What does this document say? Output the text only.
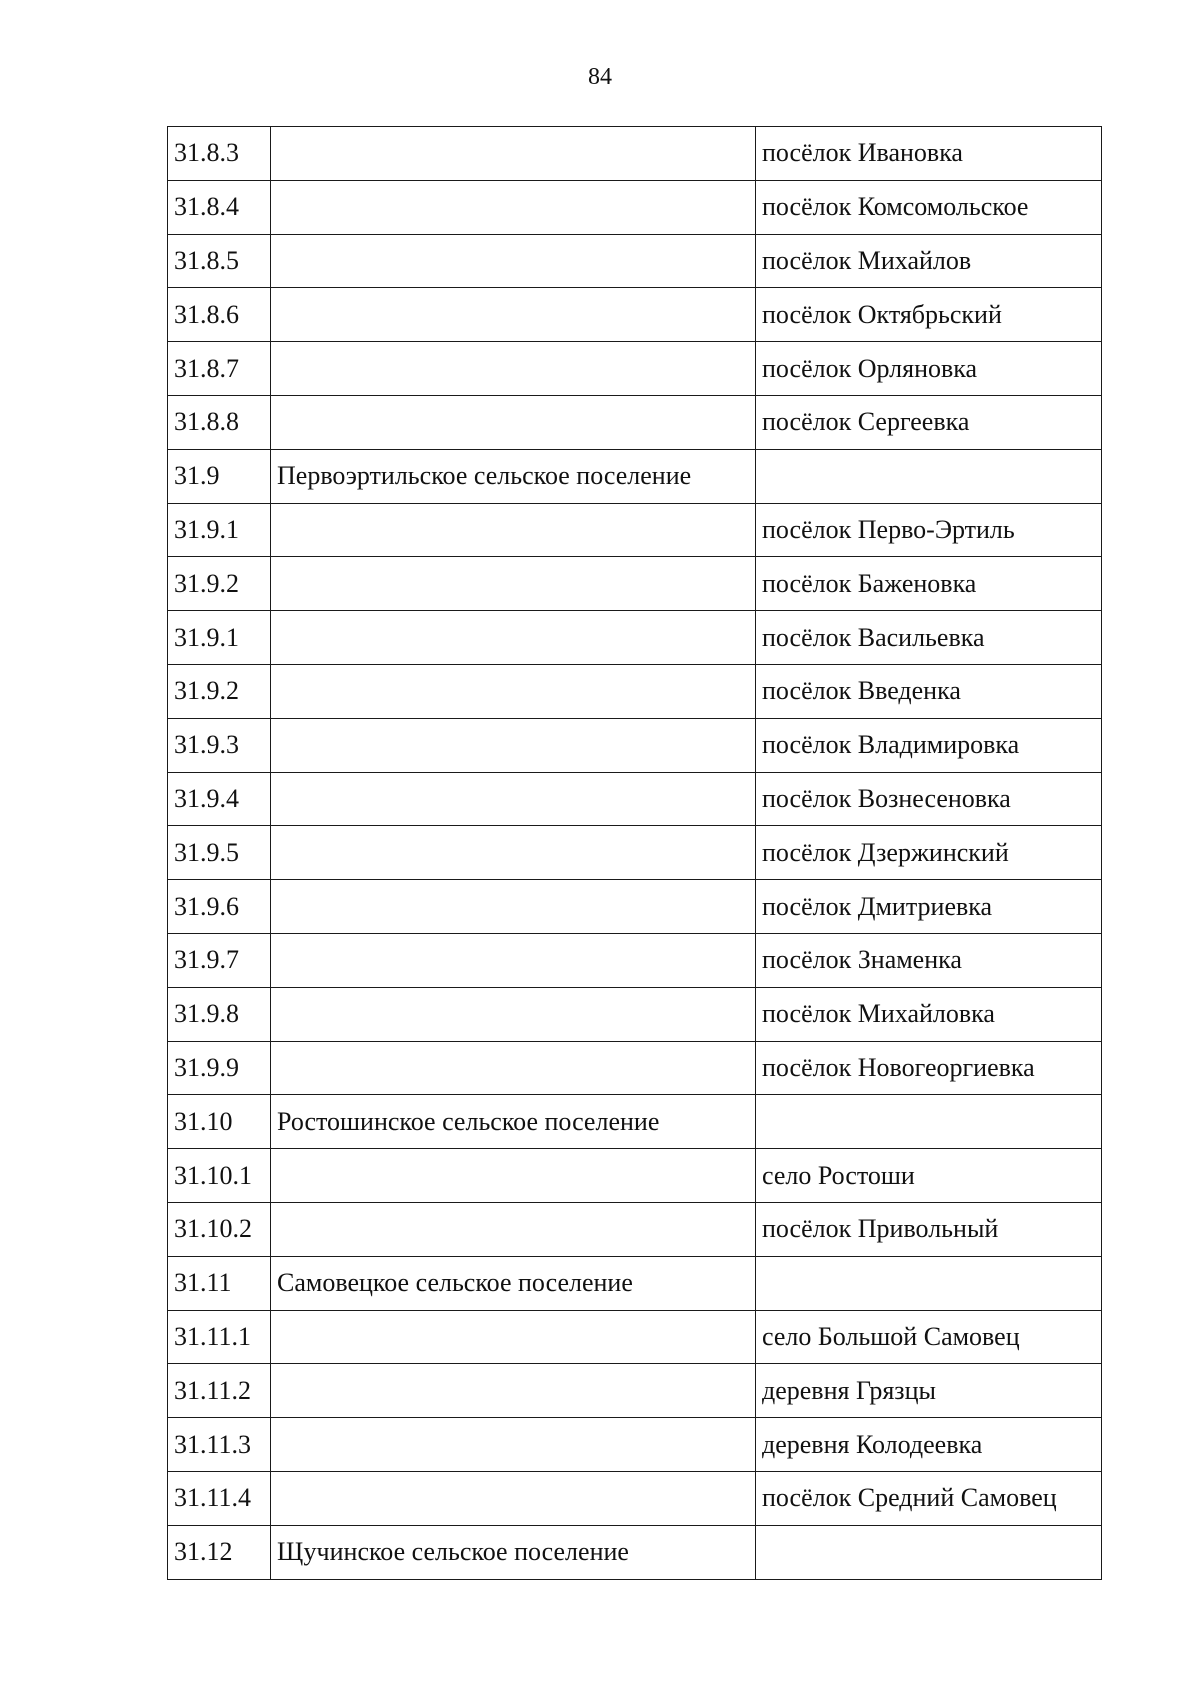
84
31.8.3		посёлок Ивановка
31.8.4		посёлок Комсомольское
31.8.5		посёлок Михайлов
31.8.6		посёлок Октябрьский
31.8.7		посёлок Орляновка
31.8.8		посёлок Сергеевка
31.9	Первоэртильское сельское поселение	
31.9.1		посёлок Перво-Эртиль
31.9.2		посёлок Баженовка
31.9.1		посёлок Васильевка
31.9.2		посёлок Введенка
31.9.3		посёлок Владимировка
31.9.4		посёлок Вознесеновка
31.9.5		посёлок Дзержинский
31.9.6		посёлок Дмитриевка
31.9.7		посёлок Знаменка
31.9.8		посёлок Михайловка
31.9.9		посёлок Новогеоргиевка
31.10	Ростошинское сельское поселение	
31.10.1		село Ростоши
31.10.2		посёлок Привольный
31.11	Самовецкое сельское поселение	
31.11.1		село Большой Самовец
31.11.2		деревня Грязцы
31.11.3		деревня Колодеевка
31.11.4		посёлок Средний Самовец
31.12	Щучинское сельское поселение	
